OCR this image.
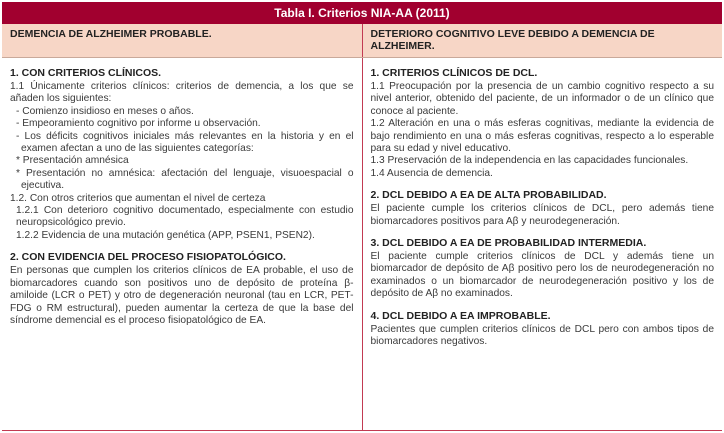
Tabla I. Criterios NIA-AA (2011)
DEMENCIA DE ALZHEIMER PROBABLE.	DETERIORO COGNITIVO LEVE DEBIDO A DEMENCIA DE ALZHEIMER.
1. CON CRITERIOS CLÍNICOS.

1.1 Únicamente criterios clínicos: criterios de demencia, a los que se añaden los siguientes:

- Comienzo insidioso en meses o años.

- Empeoramiento cognitivo por informe u observación.

- Los déficits cognitivos iniciales más relevantes en la historia y en el examen afectan a uno de las siguientes categorías:

* Presentación amnésica

* Presentación no amnésica: afectación del lenguaje, visuoespacial o ejecutiva.

1.2. Con otros criterios que aumentan el nivel de certeza

1.2.1 Con deterioro cognitivo documentado, especialmente con estudio neuropsicológico previo.

1.2.2 Evidencia de una mutación genética (APP, PSEN1, PSEN2).

2. CON EVIDENCIA DEL PROCESO FISIOPATOLÓGICO.

En personas que cumplen los criterios clínicos de EA probable, el uso de biomarcadores cuando son positivos uno de depósito de proteína β-amiloide (LCR o PET) y otro de degeneración neuronal (tau en LCR, PET-FDG o RM estructural), pueden aumentar la certeza de que la base del síndrome demencial es el proceso fisiopatológico de EA.

1. CRITERIOS CLÍNICOS DE DCL.

1.1 Preocupación por la presencia de un cambio cognitivo respecto a su nivel anterior, obtenido del paciente, de un informador o de un clínico que conoce al paciente.

1.2 Alteración en una o más esferas cognitivas, mediante la evidencia de bajo rendimiento en una o más esferas cognitivas, respecto a lo esperable para su edad y nivel educativo.

1.3 Preservación de la independencia en las capacidades funcionales.

1.4 Ausencia de demencia.

2. DCL DEBIDO A EA DE ALTA PROBABILIDAD.

El paciente cumple los criterios clínicos de DCL, pero además tiene biomarcadores positivos para Aβ y neurodegeneración.

3. DCL DEBIDO A EA DE PROBABILIDAD INTERMEDIA.

El paciente cumple criterios clínicos de DCL y además tiene un biomarcador de depósito de Aβ positivo pero los de neurodegeneración no examinados o un biomarcador de neurodegeneración positivo y los de depósito de Aβ no examinados.

4. DCL DEBIDO A EA IMPROBABLE.

Pacientes que cumplen criterios clínicos de DCL pero con ambos tipos de biomarcadores negativos.
